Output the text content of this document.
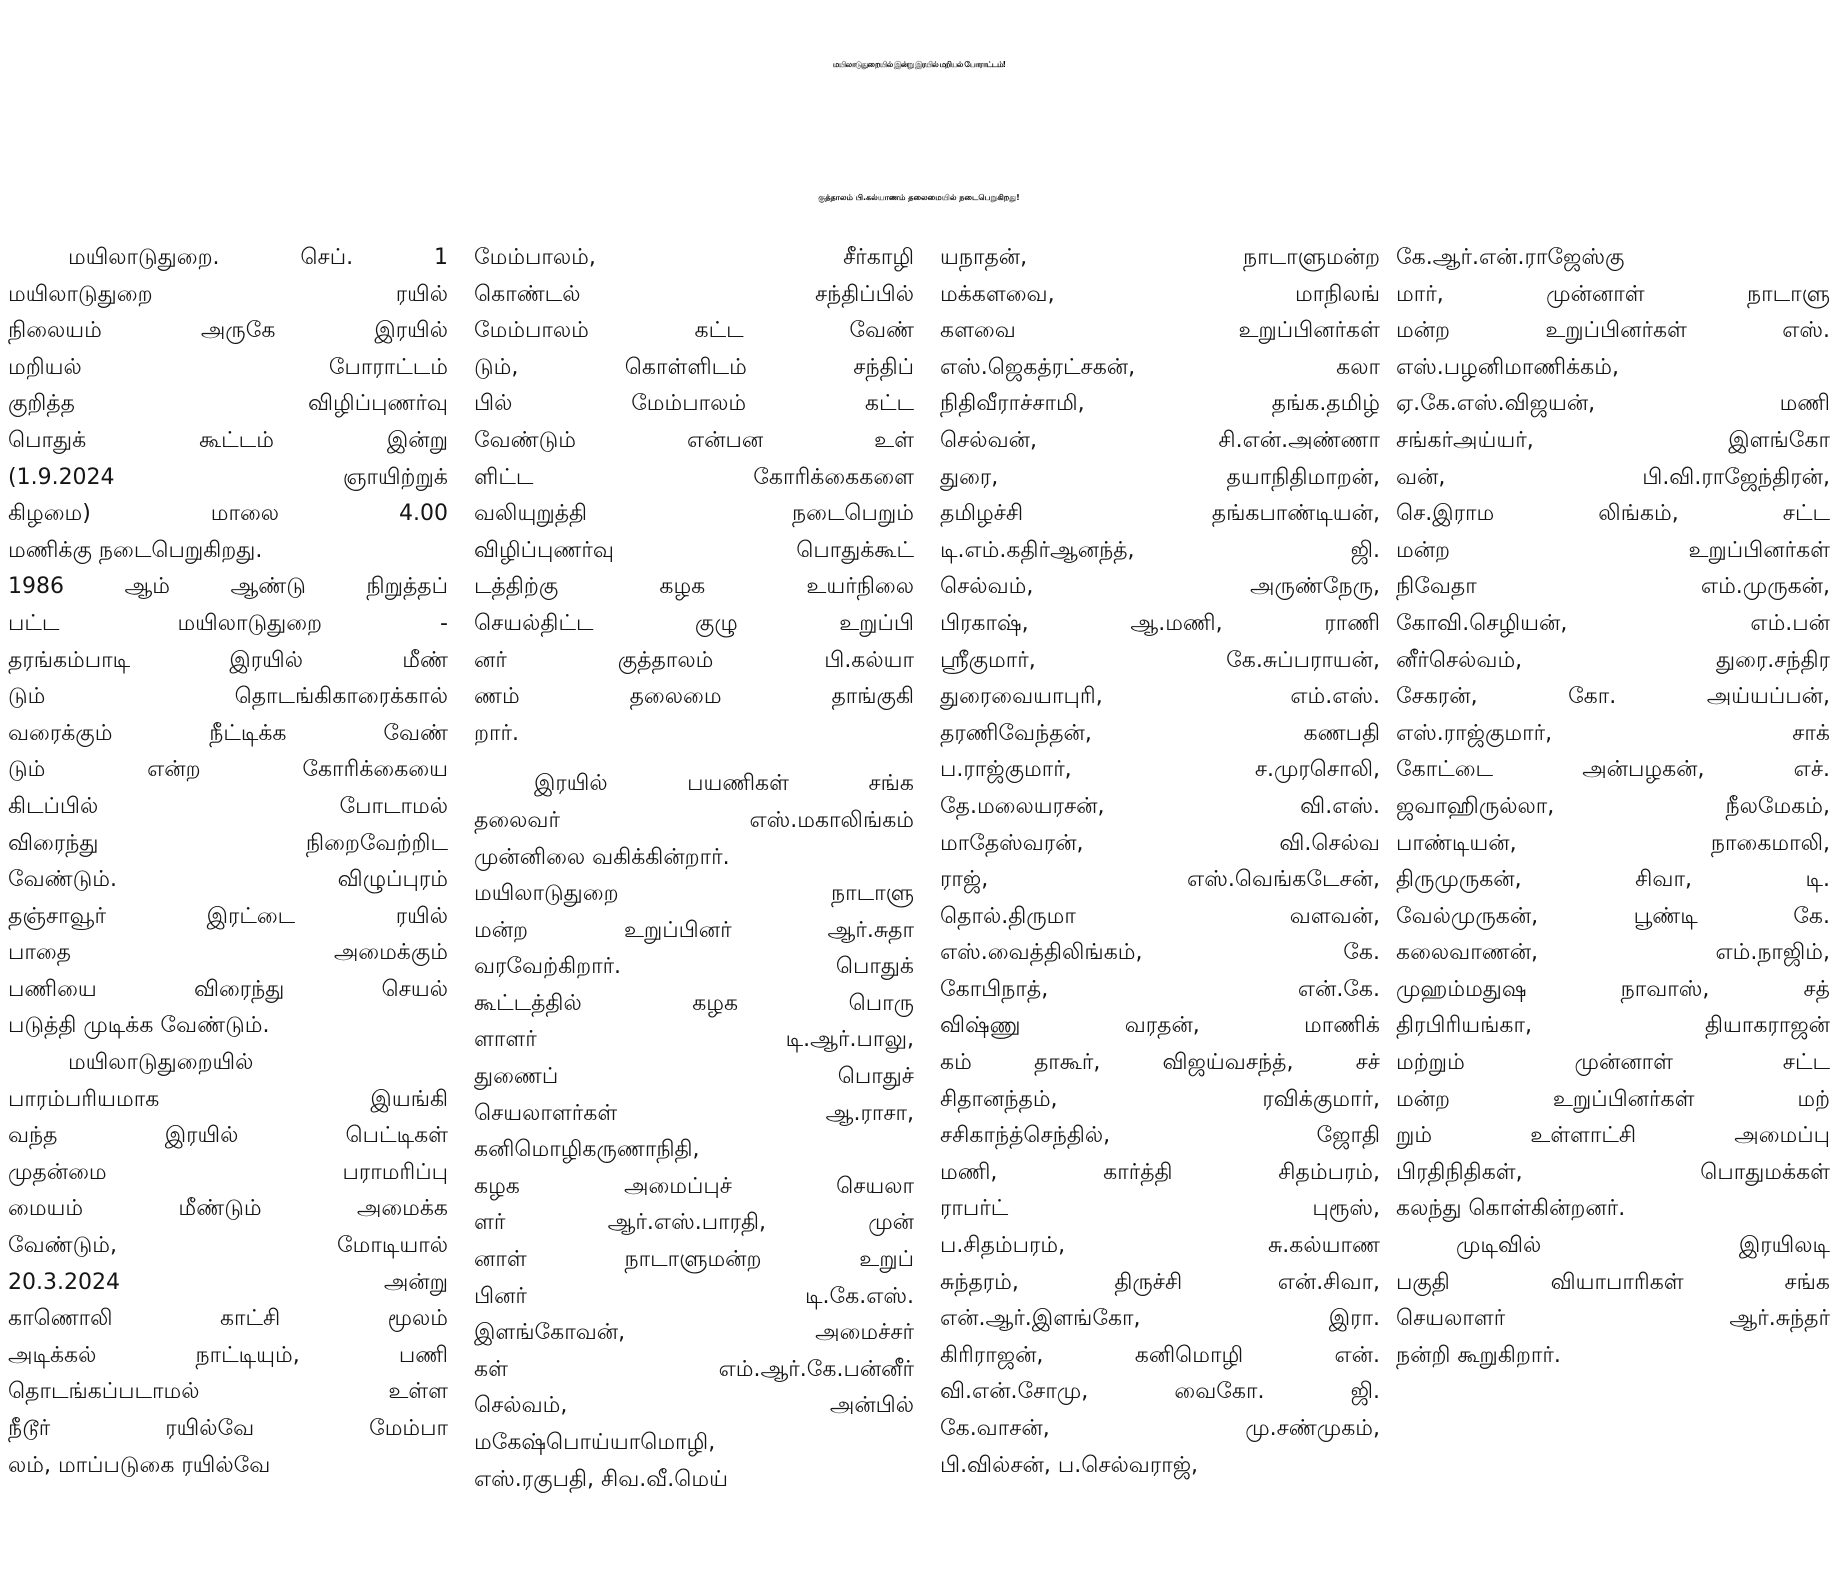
மயிலாடுதுறையில் இன்று இரயில் மறியல் போராட்டம்!
குத்தாலம் பி.கல்யாணம் தலைமையில் நடைபெறுகிறது!
மயிலாடுதுறை. செப். 1
மயிலாடுதுறை ரயில்
நிலையம் அருகே இரயில்
மறியல் போராட்டம்
குறித்த விழிப்புணர்வு
பொதுக் கூட்டம் இன்று
(1.9.2024 ஞாயிற்றுக்
கிழமை) மாலை 4.00
மணிக்கு நடைபெறுகிறது.
1986 ஆம் ஆண்டு நிறுத்தப்
பட்ட மயிலாடுதுறை -
தரங்கம்பாடி இரயில் மீண்
டும் தொடங்கிகாரைக்கால்
வரைக்கும் நீட்டிக்க வேண்
டும் என்ற கோரிக்கையை
கிடப்பில் போடாமல்
விரைந்து நிறைவேற்றிட
வேண்டும். விழுப்புரம்
தஞ்சாவூர் இரட்டை ரயில்
பாதை அமைக்கும்
பணியை விரைந்து செயல்
படுத்தி முடிக்க வேண்டும்.
மயிலாடுதுறையில்
பாரம்பரியமாக இயங்கி
வந்த இரயில் பெட்டிகள்
முதன்மை பராமரிப்பு
மையம் மீண்டும் அமைக்க
வேண்டும், மோடியால்
20.3.2024 அன்று
காணொலி காட்சி மூலம்
அடிக்கல் நாட்டியும், பணி
தொடங்கப்படாமல் உள்ள
நீடூர் ரயில்வே மேம்பா
லம், மாப்படுகை ரயில்வே
மேம்பாலம், சீர்காழி
கொண்டல் சந்திப்பில்
மேம்பாலம் கட்ட வேண்
டும், கொள்ளிடம் சந்திப்
பில் மேம்பாலம் கட்ட
வேண்டும் என்பன உள்
ளிட்ட கோரிக்கைகளை
வலியுறுத்தி நடைபெறும்
விழிப்புணர்வு பொதுக்கூட்
டத்திற்கு கழக உயர்நிலை
செயல்திட்ட குழு உறுப்பி
னர் குத்தாலம் பி.கல்யா
ணம் தலைமை தாங்குகி
றார்.
இரயில் பயணிகள் சங்க
தலைவர் எஸ்.மகாலிங்கம்
முன்னிலை வகிக்கின்றார்.
மயிலாடுதுறை நாடாளு
மன்ற உறுப்பினர் ஆர்.சுதா
வரவேற்கிறார். பொதுக்
கூட்டத்தில் கழக பொரு
ளாளர் டி.ஆர்.பாலு,
துணைப் பொதுச்
செயலாளர்கள் ஆ.ராசா,
கனிமொழிகருணாநிதி,
கழக அமைப்புச் செயலா
ளர் ஆர்.எஸ்.பாரதி, முன்
னாள் நாடாளுமன்ற உறுப்
பினர் டி.கே.எஸ்.
இளங்கோவன், அமைச்சர்
கள் எம்.ஆர்.கே.பன்னீர்
செல்வம், அன்பில்
மகேஷ்பொய்யாமொழி,
எஸ்.ரகுபதி, சிவ.வீ.மெய்
யநாதன், நாடாளுமன்ற
மக்களவை, மாநிலங்
களவை உறுப்பினர்கள்
எஸ்.ஜெகத்ரட்சகன், கலா
நிதிவீராச்சாமி, தங்க.தமிழ்
செல்வன், சி.என்.அண்ணா
துரை, தயாநிதிமாறன்,
தமிழச்சி தங்கபாண்டியன்,
டி.எம்.கதிர்ஆனந்த், ஜி.
செல்வம், அருண்நேரு,
பிரகாஷ், ஆ.மணி, ராணி
ஸ்ரீகுமார், கே.சுப்பராயன்,
துரைவையாபுரி, எம்.எஸ்.
தரணிவேந்தன், கணபதி
ப.ராஜ்குமார், ச.முரசொலி,
தே.மலையரசன், வி.எஸ்.
மாதேஸ்வரன், வி.செல்வ
ராஜ், எஸ்.வெங்கடேசன்,
தொல்.திருமா வளவன்,
எஸ்.வைத்திலிங்கம், கே.
கோபிநாத், என்.கே.
விஷ்ணு வரதன், மாணிக்
கம் தாகூர், விஜய்வசந்த், சச்
சிதானந்தம், ரவிக்குமார்,
சசிகாந்த்செந்தில், ஜோதி
மணி, கார்த்தி சிதம்பரம்,
ராபர்ட் புரூஸ்,
ப.சிதம்பரம், சு.கல்யாண
சுந்தரம், திருச்சி என்.சிவா,
என்.ஆர்.இளங்கோ, இரா.
கிரிராஜன், கனிமொழி என்.
வி.என்.சோமு, வைகோ. ஜி.
கே.வாசன், மு.சண்முகம்,
பி.வில்சன், ப.செல்வராஜ்,
கே.ஆர்.என்.ராஜேஸ்கு
மார், முன்னாள் நாடாளு
மன்ற உறுப்பினர்கள் எஸ்.
எஸ்.பழனிமாணிக்கம்,
ஏ.கே.எஸ்.விஜயன், மணி
சங்கர்அய்யர், இளங்கோ
வன், பி.வி.ராஜேந்திரன்,
செ.இராம லிங்கம், சட்ட
மன்ற உறுப்பினர்கள்
நிவேதா எம்.முருகன்,
கோவி.செழியன், எம்.பன்
னீர்செல்வம், துரை.சந்திர
சேகரன், கோ. அய்யப்பன்,
எஸ்.ராஜ்குமார், சாக்
கோட்டை அன்பழகன், எச்.
ஜவாஹிருல்லா, நீலமேகம்,
பாண்டியன், நாகைமாலி,
திருமுருகன், சிவா, டி.
வேல்முருகன், பூண்டி கே.
கலைவாணன், எம்.நாஜிம்,
முஹம்மதுஷ நாவாஸ், சத்
திரபிரியங்கா, தியாகராஜன்
மற்றும் முன்னாள் சட்ட
மன்ற உறுப்பினர்கள் மற்
றும் உள்ளாட்சி அமைப்பு
பிரதிநிதிகள், பொதுமக்கள்
கலந்து கொள்கின்றனர்.
முடிவில் இரயிலடி
பகுதி வியாபாரிகள் சங்க
செயலாளர் ஆர்.சுந்தர்
நன்றி கூறுகிறார்.
